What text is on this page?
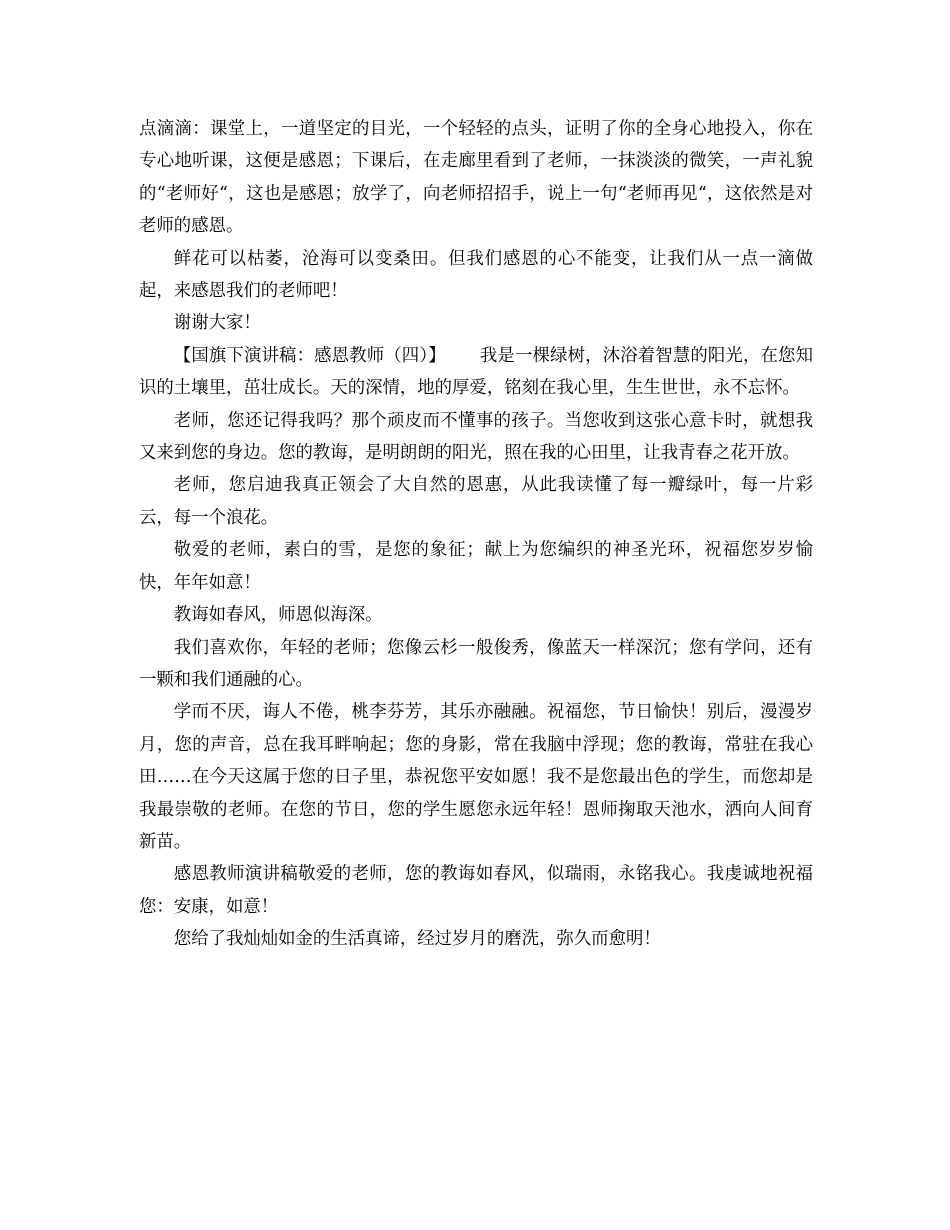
点滴滴：课堂上，一道坚定的目光，一个轻轻的点头，证明了你的全身心地投入，你在专心地听课，这便是感恩；下课后，在走廊里看到了老师，一抹淡淡的微笑，一声礼貌的“老师好“，这也是感恩；放学了，向老师招招手，说上一句“老师再见“，这依然是对老师的感恩。

鲜花可以枯萎，沧海可以变桑田。但我们感恩的心不能变，让我们从一点一滴做起，来感恩我们的老师吧！

谢谢大家！

【国旗下演讲稿：感恩教师（四）】 我是一棵绿树，沐浴着智慧的阳光，在您知识的土壤里，茁壮成长。天的深情，地的厚爱，铭刻在我心里，生生世世，永不忘怀。

老师，您还记得我吗？那个顽皮而不懂事的孩子。当您收到这张心意卡时，就想我又来到您的身边。您的教诲，是明朗朗的阳光，照在我的心田里，让我青春之花开放。

老师，您启迪我真正领会了大自然的恩惠，从此我读懂了每一瓣绿叶，每一片彩云，每一个浪花。

敬爱的老师，素白的雪，是您的象征；献上为您编织的神圣光环，祝福您岁岁愉快，年年如意！

教诲如春风，师恩似海深。

我们喜欢你，年轻的老师；您像云杉一般俊秀，像蓝天一样深沉；您有学问，还有一颗和我们通融的心。

学而不厌，诲人不倦，桃李芬芳，其乐亦融融。祝福您，节日愉快！别后，漫漫岁月，您的声音，总在我耳畔响起；您的身影，常在我脑中浮现；您的教诲，常驻在我心田……在今天这属于您的日子里，恭祝您平安如愿！我不是您最出色的学生，而您却是我最崇敬的老师。在您的节日，您的学生愿您永远年轻！恩师掬取天池水，洒向人间育新苗。

感恩教师演讲稿敬爱的老师，您的教诲如春风，似瑞雨，永铭我心。我虔诚地祝福您：安康，如意！

您给了我灿灿如金的生活真谛，经过岁月的磨洗，弥久而愈明！
